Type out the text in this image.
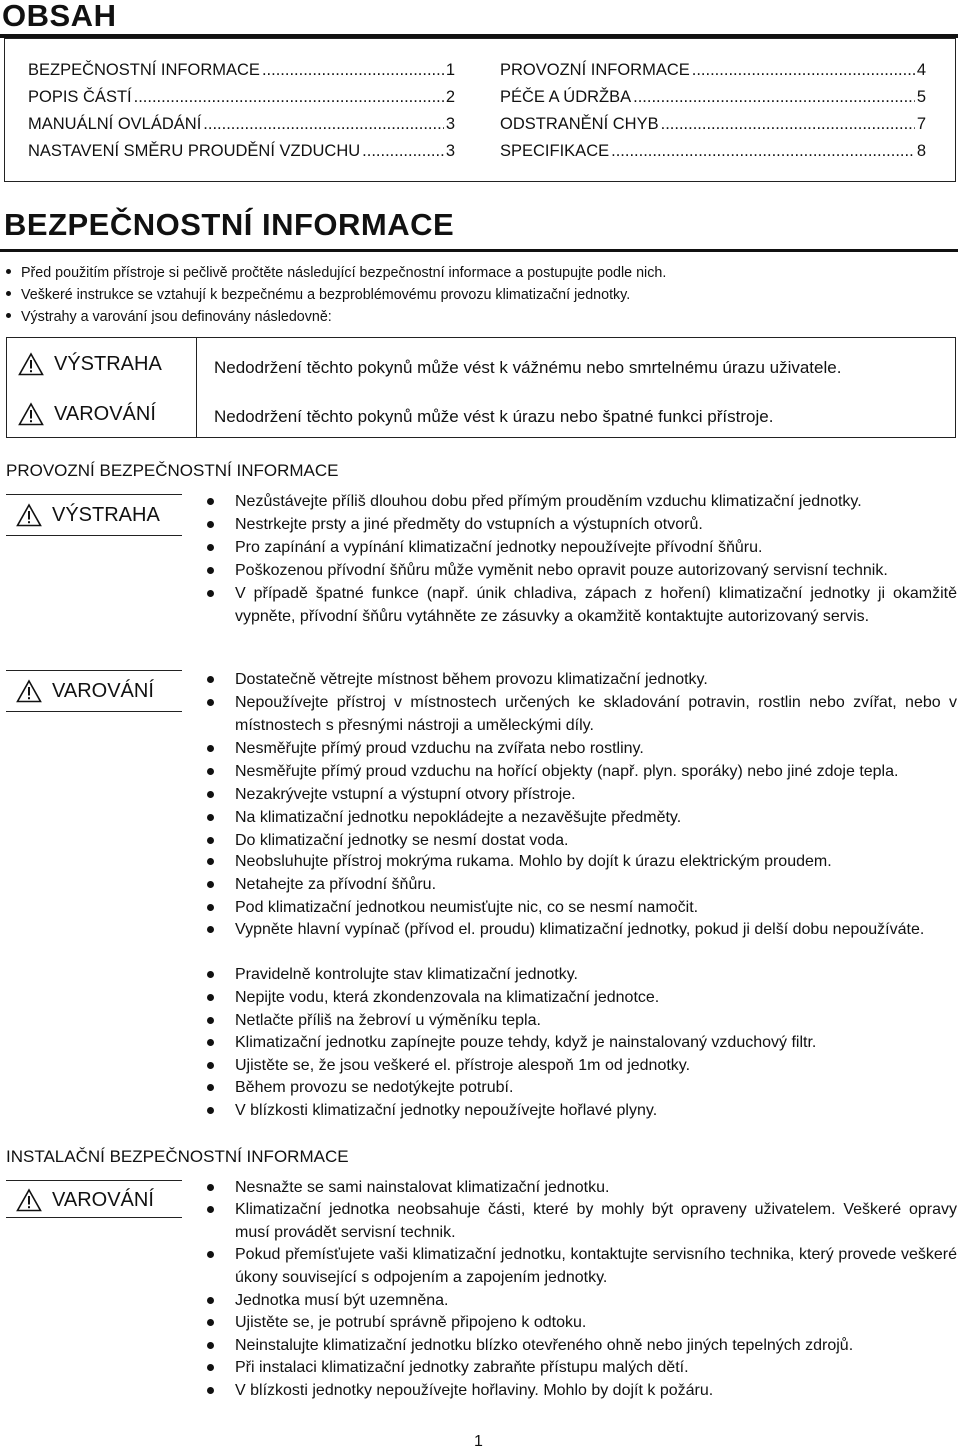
OBSAH
BEZPEČNOSTNÍ INFORMACE .....	1
POPIS ČÁSTÍ .....	2
MANUÁLNÍ OVLÁDÁNÍ .....	3
NASTAVENÍ SMĚRU PROUDĚNÍ VZDUCHU .....	3
PROVOZNÍ INFORMACE .....	4
PÉČE A ÚDRŽBA .....	5
ODSTRANĚNÍ CHYB .....	7
SPECIFIKACE .....	8
BEZPEČNOSTNÍ INFORMACE
Před použitím přístroje si pečlivě pročtěte následující bezpečnostní informace a postupujte podle nich.
Veškeré instrukce se vztahují k bezpečnému a bezproblémovému provozu klimatizační jednotky.
Výstrahy a varování jsou definovány následovně:
VÝSTRAHA	Nedodržení těchto pokynů může vést k vážnému nebo smrtelnému úrazu uživatele.
VAROVÁNÍ	Nedodržení těchto pokynů může vést k úrazu nebo špatné funkci přístroje.
PROVOZNÍ BEZPEČNOSTNÍ INFORMACE
VÝSTRAHA
Nezůstávejte příliš dlouhou dobu před přímým prouděním vzduchu klimatizační jednotky.
Nestrkejte prsty a jiné předměty do vstupních a výstupních otvorů.
Pro zapínání a vypínání klimatizační jednotky nepoužívejte přívodní šňůru.
Poškozenou přívodní šňůru může vyměnit nebo opravit pouze autorizovaný servisní technik.
V případě špatné funkce (např. únik chladiva, zápach z hoření) klimatizační jednotky ji okamžitě vypněte, přívodní šňůru vytáhněte ze zásuvky a okamžitě kontaktujte autorizovaný servis.
VAROVÁNÍ	Dostatečně větrejte místnost během provozu klimatizační jednotky.
Nepoužívejte přístroj v místnostech určených ke skladování potravin, rostlin nebo zvířat, nebo v místnostech s přesnými nástroji a uměleckými díly.
Nesměřujte přímý proud vzduchu na zvířata nebo rostliny.
Nesměřujte přímý proud vzduchu na hořící objekty (např. plyn. sporáky) nebo jiné zdoje tepla.
Nezakrývejte vstupní a výstupní otvory přístroje.
Na klimatizační jednotku nepokládejte a nezavěšujte předměty.
Do klimatizační jednotky se nesmí dostat voda.
Neobsluhujte přístroj mokrýma rukama. Mohlo by dojít k úrazu elektrickým proudem.
Netahejte za přívodní šňůru.
Pod klimatizační jednotkou neumisťujte nic, co se nesmí namočit.
Vypněte hlavní vypínač (přívod el. proudu) klimatizační jednotky, pokud ji delší dobu nepoužíváte.
Pravidelně kontrolujte stav klimatizační jednotky.
Nepijte vodu, která zkondenzovala na klimatizační jednotce.
Netlačte příliš na žebroví u výměníku tepla.
Klimatizační jednotku zapínejte pouze tehdy, když je nainstalovaný vzduchový filtr.
Ujistěte se, že jsou veškeré el. přístroje alespoň 1m od jednotky.
Během provozu se nedotýkejte potrubí.
V blízkosti klimatizační jednotky nepoužívejte hořlavé plyny.
INSTALAČNÍ BEZPEČNOSTNÍ INFORMACE
VAROVÁNÍ
Nesnažte se sami nainstalovat klimatizační jednotku.
Klimatizační jednotka neobsahuje části, které by mohly být opraveny uživatelem. Veškeré opravy musí provádět servisní technik.
Pokud přemísťujete vaši klimatizační jednotku, kontaktujte servisního technika, který provede veškeré úkony související s odpojením a zapojením jednotky.
Jednotka musí být uzemněna.
Ujistěte se, je potrubí správně připojeno k odtoku.
Neinstalujte klimatizační jednotku blízko otevřeného ohně nebo jiných tepelných zdrojů.
Při instalaci klimatizační jednotky zabraňte přístupu malých dětí.
V blízkosti jednotky nepoužívejte hořlaviny. Mohlo by dojít k požáru.
1
